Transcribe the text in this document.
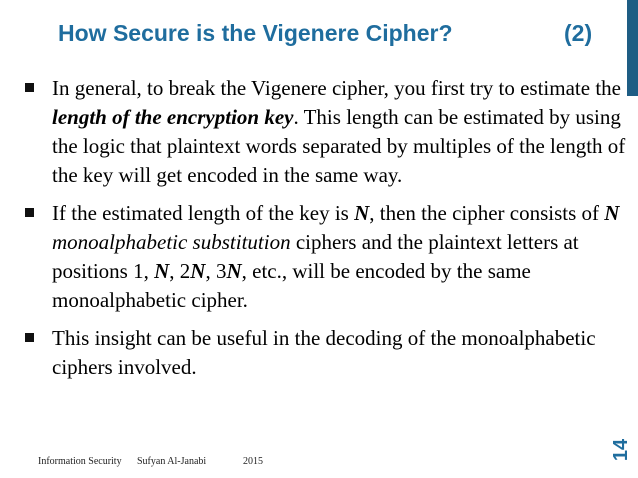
How Secure is the Vigenere Cipher?	(2)
In general, to break the Vigenere cipher, you first try to estimate the length of the encryption key. This length can be estimated by using the logic that plaintext words separated by multiples of the length of the key will get encoded in the same way.
If the estimated length of the key is N, then the cipher consists of N monoalphabetic substitution ciphers and the plaintext letters at positions 1, N, 2N, 3N, etc., will be encoded by the same monoalphabetic cipher.
This insight can be useful in the decoding of the monoalphabetic ciphers involved.
Information Security Sufyan Al-Janabi	2015
14
